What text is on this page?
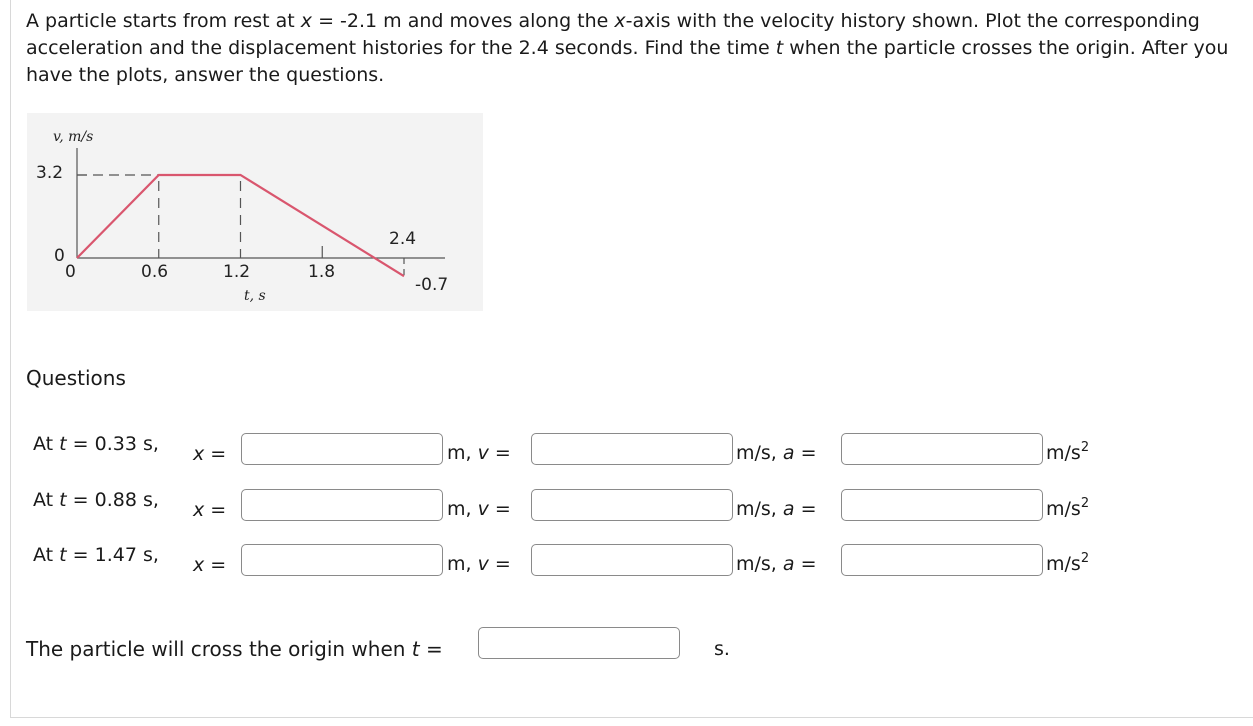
A particle starts from rest at x = -2.1 m and moves along the x-axis with the velocity history shown. Plot the corresponding acceleration and the displacement histories for the 2.4 seconds. Find the time t when the particle crosses the origin. After you have the plots, answer the questions.

v, m/s
3.2
0
0	0.6	1.2	1.8
2.4
-0.7
t, s
Questions
At t = 0.33 s, x =	m, v =	m/s, a =	$m/s^2$
At t = 0.88 s, x =	m, v =	m/s, a =	$m/s^2$
At t = 1.47 s, x =	m, v =	m/s, a =	$m/s^2$
The particle will cross the origin when t =	s.
